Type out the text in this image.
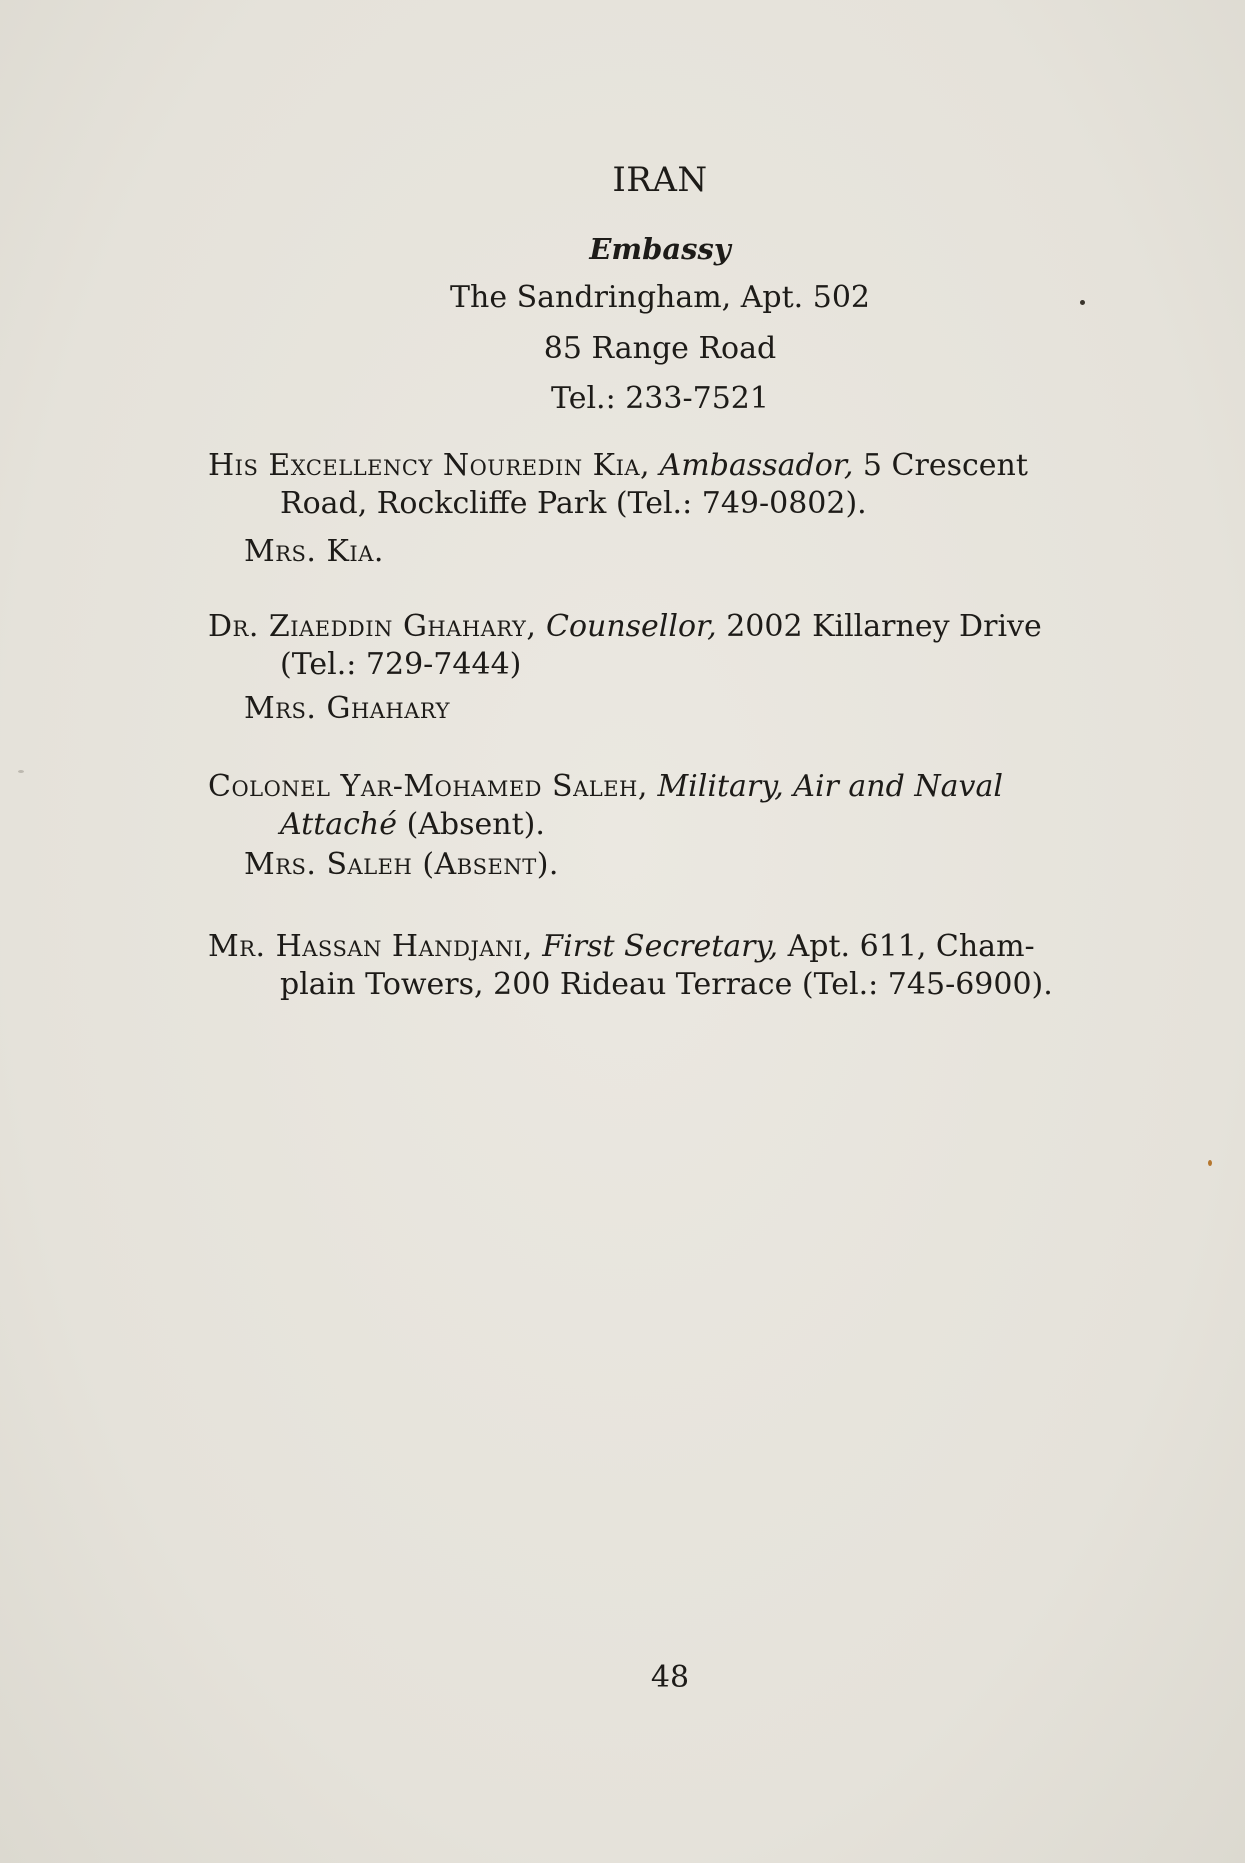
IRAN
Embassy
The Sandringham, Apt. 502
85 Range Road
Tel.: 233-7521
His Excellency Nouredin Kia, Ambassador, 5 Crescent
Road, Rockcliffe Park (Tel.: 749-0802).
Mrs. Kia.
Dr. Ziaeddin Ghahary, Counsellor, 2002 Killarney Drive
(Tel.: 729-7444)
Mrs. Ghahary
Colonel Yar-Mohamed Saleh, Military, Air and Naval
Attaché (Absent).
Mrs. Saleh (Absent).
Mr. Hassan Handjani, First Secretary, Apt. 611, Cham-
plain Towers, 200 Rideau Terrace (Tel.: 745-6900).
48
